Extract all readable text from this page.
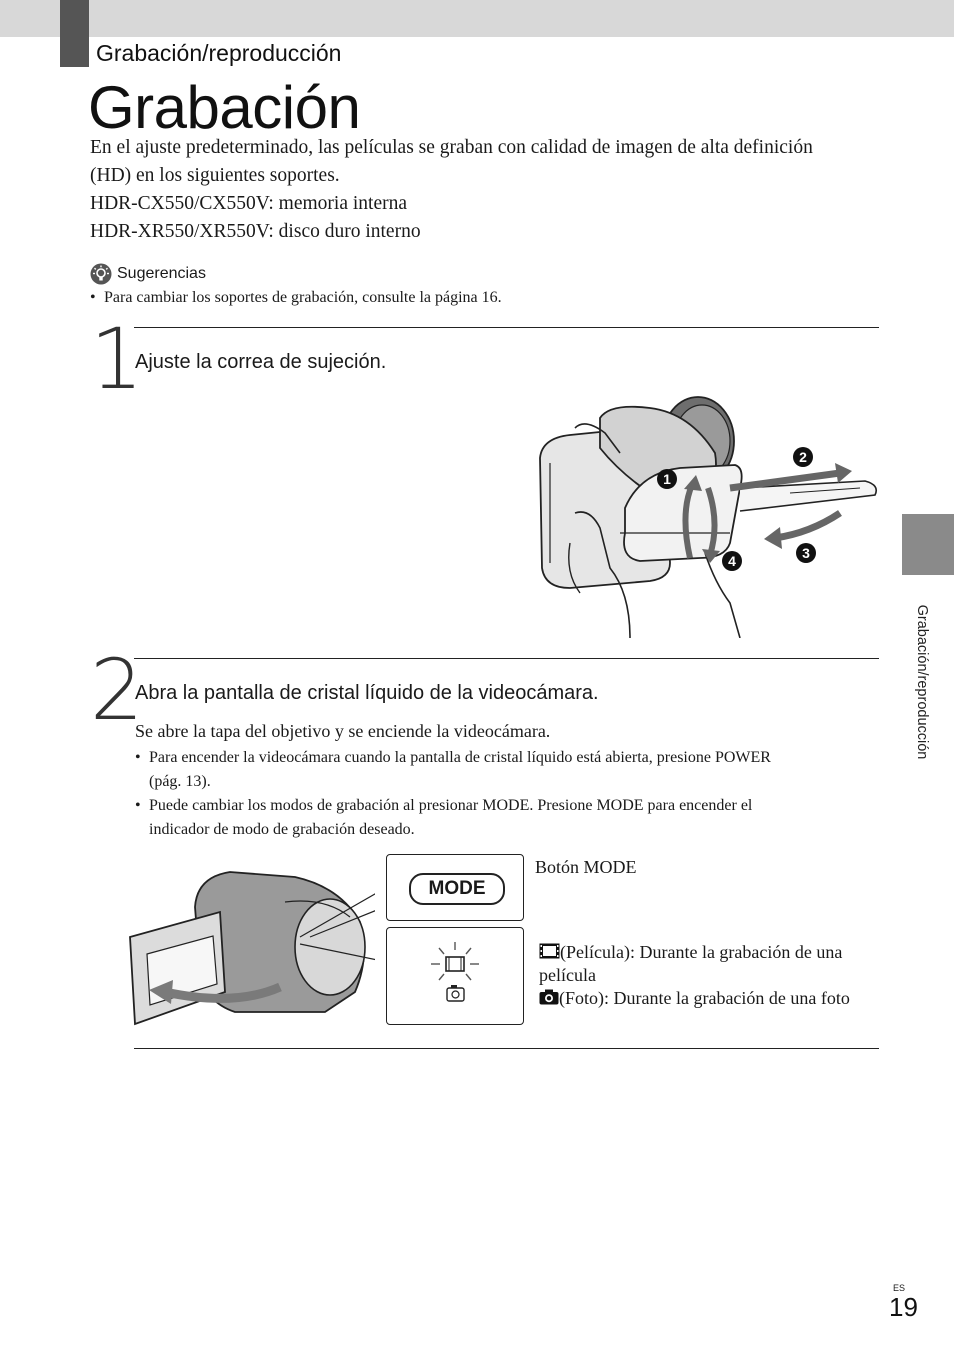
Grabación/reproducción
Grabación
En el ajuste predeterminado, las películas se graban con calidad de imagen de alta definición
(HD) en los siguientes soportes.
HDR-CX550/CX550V: memoria interna
HDR-XR550/XR550V: disco duro interno
Sugerencias
• Para cambiar los soportes de grabación, consulte la página 16.
1
Ajuste la correa de sujeción.
1
2
3
4
2
Abra la pantalla de cristal líquido de la videocámara.
Se abre la tapa del objetivo y se enciende la videocámara.
• Para encender la videocámara cuando la pantalla de cristal líquido está abierta, presione POWER
(pág. 13).
• Puede cambiar los modos de grabación al presionar MODE. Presione MODE para encender el
indicador de modo de grabación deseado.
MODE
Botón MODE
(Película): Durante la grabación de una
película
(Foto): Durante la grabación de una foto
Grabación/reproducción
ES
19
